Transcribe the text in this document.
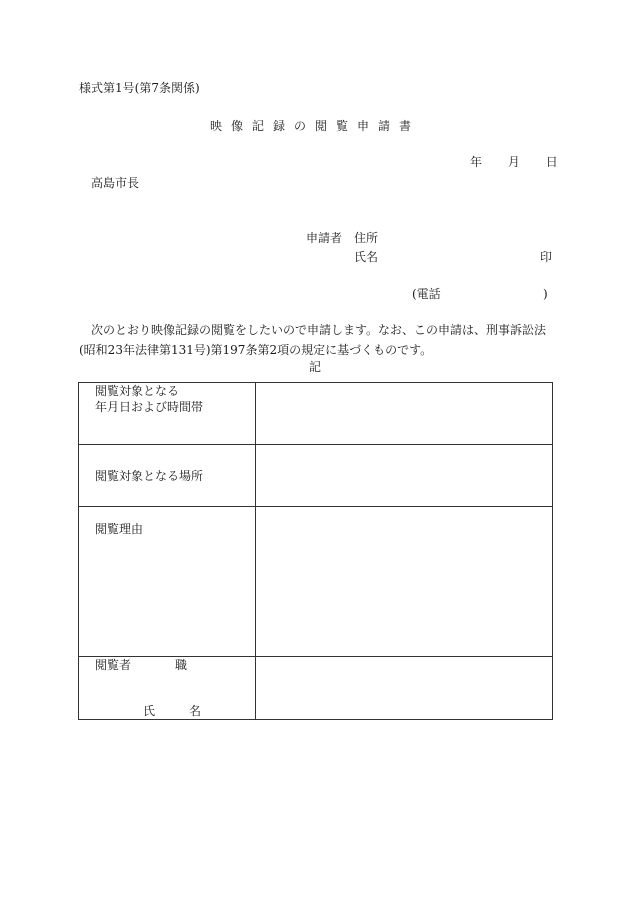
様式第1号(第7条関係)
映像記録の閲覧申請書
年 月 日
高島市長
申請者 住所
氏名	印
(電話	)
次のとおり映像記録の閲覧をしたいので申請します。なお、この申請は、刑事訴訟法(昭和23年法律第131号)第197条第2項の規定に基づくものです。
記
閲覧対象となる
年月日および時間帯	

閲覧対象となる場所	

閲覧理由	

閲覧者 職
氏 名	
